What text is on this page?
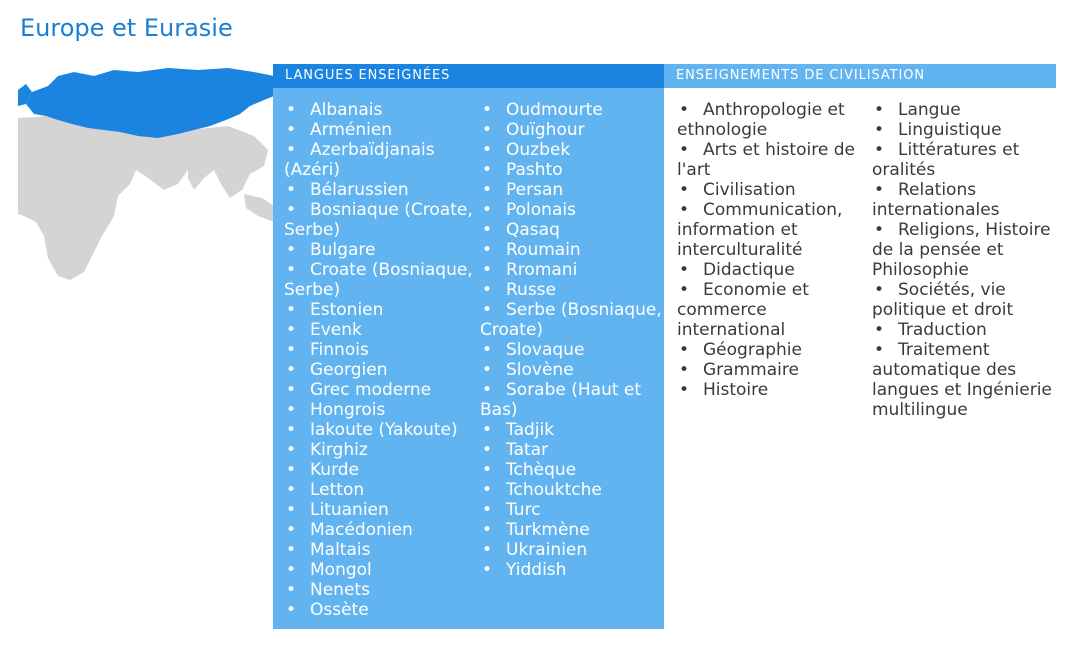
Europe et Eurasie
LANGUES ENSEIGNÉES	ENSEIGNEMENTS DE CIVILISATION
• Albanais
• Arménien
• Azerbaïdjanais (Azéri)
• Bélarussien
• Bosniaque (Croate, Serbe)
• Bulgare
• Croate (Bosniaque, Serbe)
• Estonien
• Evenk
• Finnois
• Georgien
• Grec moderne
• Hongrois
• Iakoute (Yakoute)
• Kirghiz
• Kurde
• Letton
• Lituanien
• Macédonien
• Maltais
• Mongol
• Nenets
• Ossète
• Oudmourte
• Ouïghour
• Ouzbek
• Pashto
• Persan
• Polonais
• Qasaq
• Roumain
• Rromani
• Russe
• Serbe (Bosniaque, Croate)
• Slovaque
• Slovène
• Sorabe (Haut et Bas)
• Tadjik
• Tatar
• Tchèque
• Tchouktche
• Turc
• Turkmène
• Ukrainien
• Yiddish
• Anthropologie et ethnologie
• Arts et histoire de l'art
• Civilisation
• Communication, information et interculturalité
• Didactique
• Economie et commerce international
• Géographie
• Grammaire
• Histoire
• Langue
• Linguistique
• Littératures et oralités
• Relations internationales
• Religions, Histoire de la pensée et Philosophie
• Sociétés, vie politique et droit
• Traduction
• Traitement automatique des langues et Ingénierie multilingue
